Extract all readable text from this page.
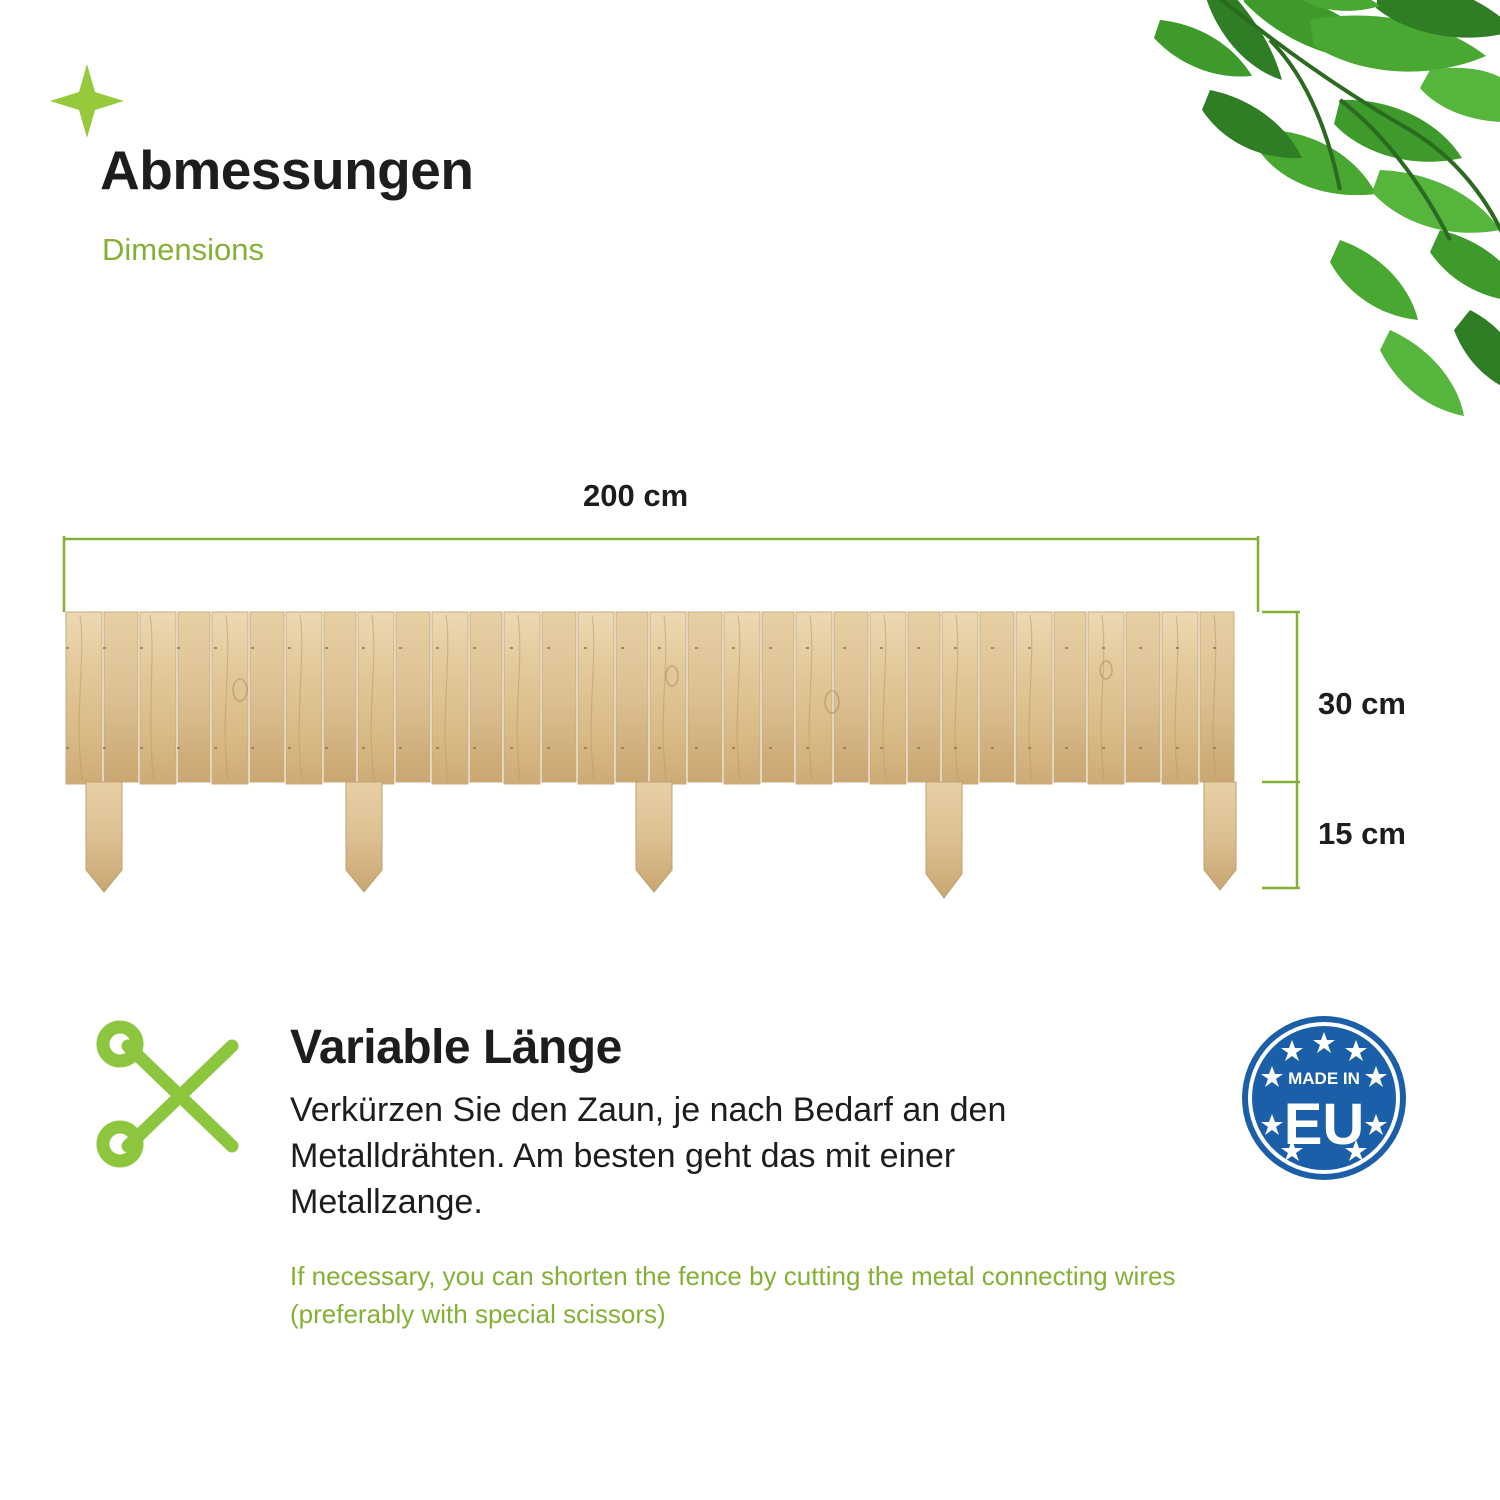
Abmessungen
Dimensions
200 cm
30 cm
15 cm
Variable Länge
Verkürzen Sie den Zaun, je nach Bedarf an den Metalldrähten. Am besten geht das mit einer Metallzange.
If necessary, you can shorten the fence by cutting the metal connecting wires (preferably with special scissors)
MADE IN
EU
